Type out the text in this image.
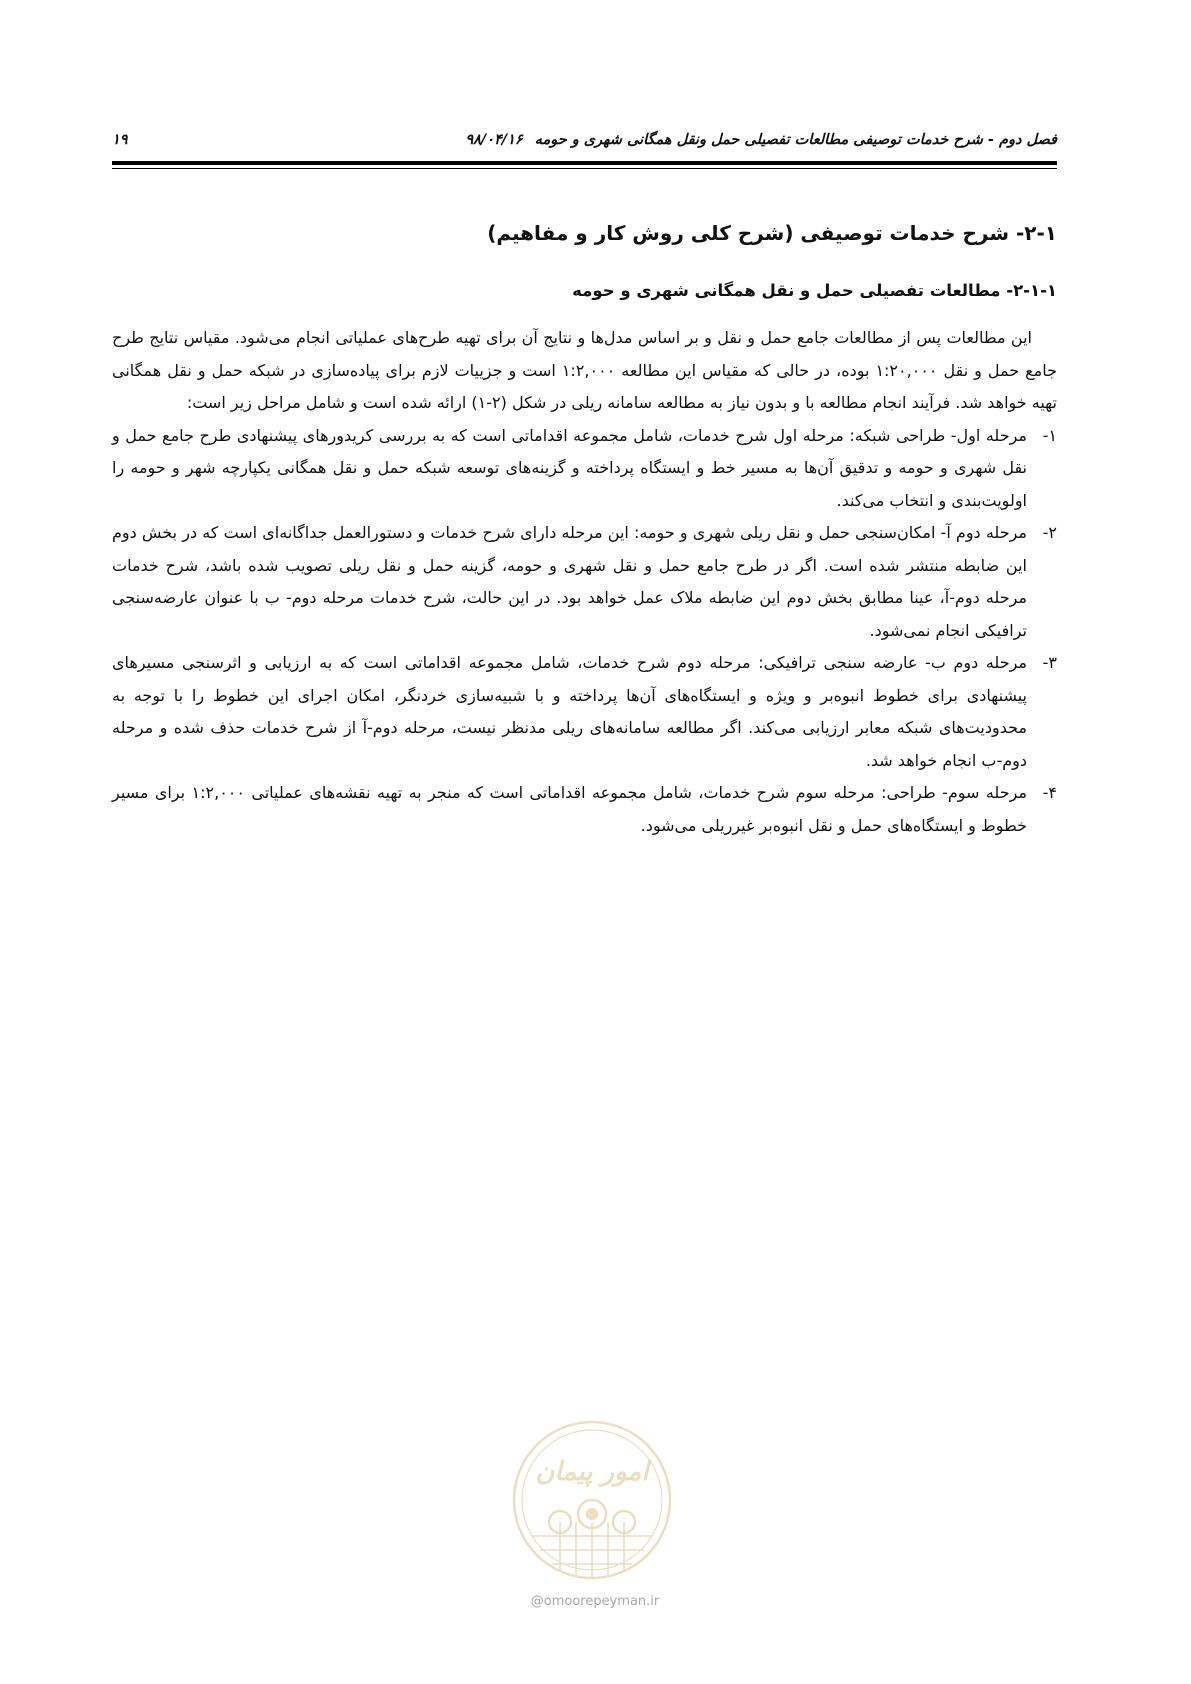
فصل دوم - شرح خدمات توصیفی مطالعات تفصیلی حمل ونقل همگانی شهری و حومه۹۸/۰۴/۱۶
۱۹
۲-۱- شرح خدمات توصیفی (شرح کلی روش کار و مفاهیم)
۲-۱-۱- مطالعات تفصیلی حمل و نقل همگانی شهری و حومه

این مطالعات پس از مطالعات جامع حمل و نقل و بر اساس مدل‌ها و نتایج آن برای تهیه طرح‌های عملیاتی انجام می‌شود. مقیاس نتایج طرح جامع حمل و نقل ۱:۲۰,۰۰۰ بوده، در حالی که مقیاس این مطالعه ۱:۲,۰۰۰ است و جزییات لازم برای پیاده‌سازی در شبکه حمل و نقل همگانی تهیه خواهد شد. فرآیند انجام مطالعه با و بدون نیاز به مطالعه سامانه ریلی در شکل (۲-۱) ارائه شده است و شامل مراحل زیر است:

۱-
مرحله اول- طراحی شبکه: مرحله اول شرح خدمات، شامل مجموعه اقداماتی است که به بررسی کریدورهای پیشنهادی طرح جامع حمل و نقل شهری و حومه و تدقیق آن‌ها به مسیر خط و ایستگاه پرداخته و گزینه‌های توسعه شبکه حمل و نقل همگانی یکپارچه شهر و حومه را اولویت‌بندی و انتخاب می‌کند.
۲-
مرحله دوم آ- امکان‌سنجی حمل و نقل ریلی شهری و حومه: این مرحله دارای شرح خدمات و دستورالعمل جداگانه‌ای است که در بخش دوم این ضابطه منتشر شده است. اگر در طرح جامع حمل و نقل شهری و حومه، گزینه حمل و نقل ریلی تصویب شده باشد، شرح خدمات مرحله دوم-آ، عینا مطابق بخش دوم این ضابطه ملاک عمل خواهد بود. در این حالت، شرح خدمات مرحله دوم- ب با عنوان عارضه‌سنجی ترافیکی انجام نمی‌شود.
۳-
مرحله دوم ب- عارضه سنجی ترافیکی: مرحله دوم شرح خدمات، شامل مجموعه اقداماتی است که به ارزیابی و اثرسنجی مسیرهای پیشنهادی برای خطوط انبوه‌بر و ویژه و ایستگاه‌های آن‌ها پرداخته و با شبیه‌سازی خردنگر، امکان اجرای این خطوط را با توجه به محدودیت‌های شبکه معابر ارزیابی می‌کند. اگر مطالعه سامانه‌های ریلی مدنظر نیست، مرحله دوم-آ از شرح خدمات حذف شده و مرحله دوم-ب انجام خواهد شد.
۴-
مرحله سوم- طراحی: مرحله سوم شرح خدمات، شامل مجموعه اقداماتی است که منجر به تهیه نقشه‌های عملیاتی ۱:۲,۰۰۰ برای مسیر خطوط و ایستگاه‌های حمل و نقل انبوه‌بر غیرریلی می‌شود.
امور پیمان
@omoorepeyman.ir
